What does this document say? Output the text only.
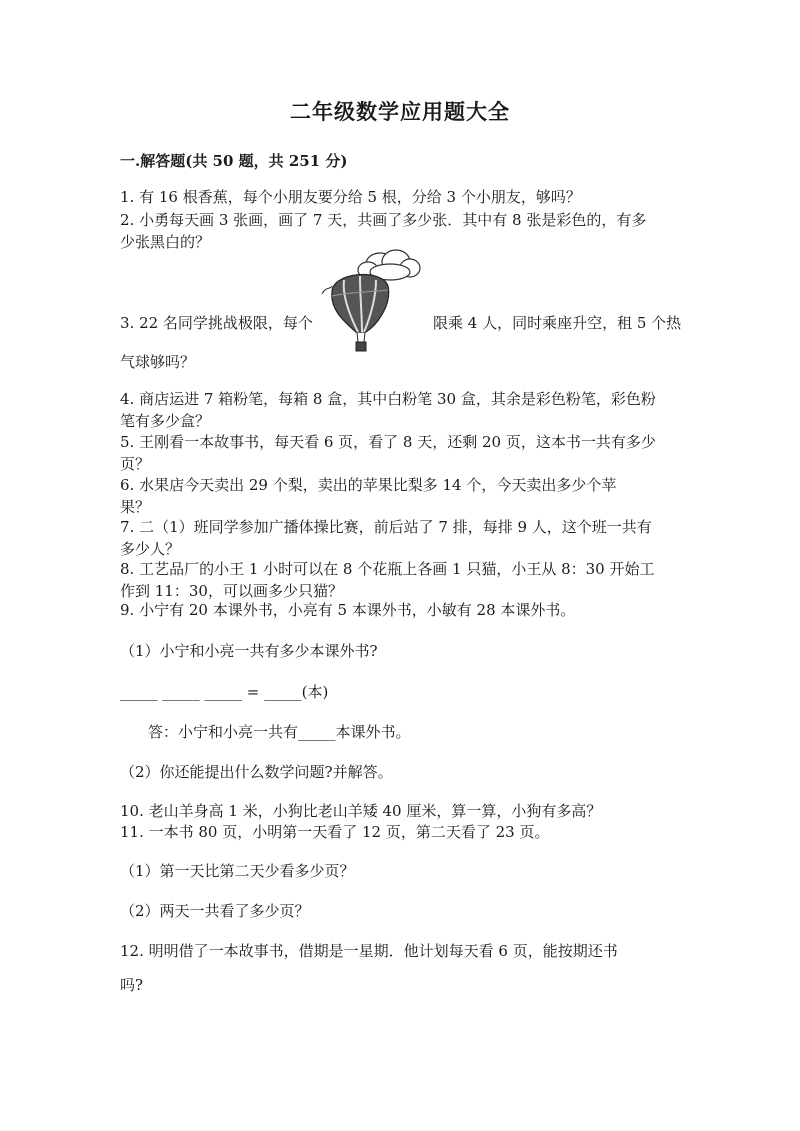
二年级数学应用题大全
一.解答题(共 50 题，共 251 分)
1. 有 16 根香蕉，每个小朋友要分给 5 根，分给 3 个小朋友，够吗？
2. 小勇每天画 3 张画，画了 7 天，共画了多少张．其中有 8 张是彩色的，有多
少张黑白的？
3. 22 名同学挑战极限，每个	限乘 4 人，同时乘座升空，租 5 个热
气球够吗？
4. 商店运进 7 箱粉笔，每箱 8 盒，其中白粉笔 30 盒，其余是彩色粉笔，彩色粉
笔有多少盒？
5. 王刚看一本故事书，每天看 6 页，看了 8 天，还剩 20 页，这本书一共有多少
页？
6. 水果店今天卖出 29 个梨，卖出的苹果比梨多 14 个，今天卖出多少个苹
果？
7. 二（1）班同学参加广播体操比赛，前后站了 7 排，每排 9 人，这个班一共有
多少人？
8. 工艺品厂的小王 1 小时可以在 8 个花瓶上各画 1 只猫，小王从 8：30 开始工
作到 11：30，可以画多少只猫？
9. 小宁有 20 本课外书，小亮有 5 本课外书，小敏有 28 本课外书。
（1）小宁和小亮一共有多少本课外书?
_____ _____ _____ = _____(本)
答：小宁和小亮一共有_____本课外书。
（2）你还能提出什么数学问题?并解答。
10. 老山羊身高 1 米，小狗比老山羊矮 40 厘米，算一算，小狗有多高？
11. 一本书 80 页，小明第一天看了 12 页，第二天看了 23 页。
（1）第一天比第二天少看多少页？
（2）两天一共看了多少页？
12. 明明借了一本故事书，借期是一星期．他计划每天看 6 页，能按期还书
吗?
